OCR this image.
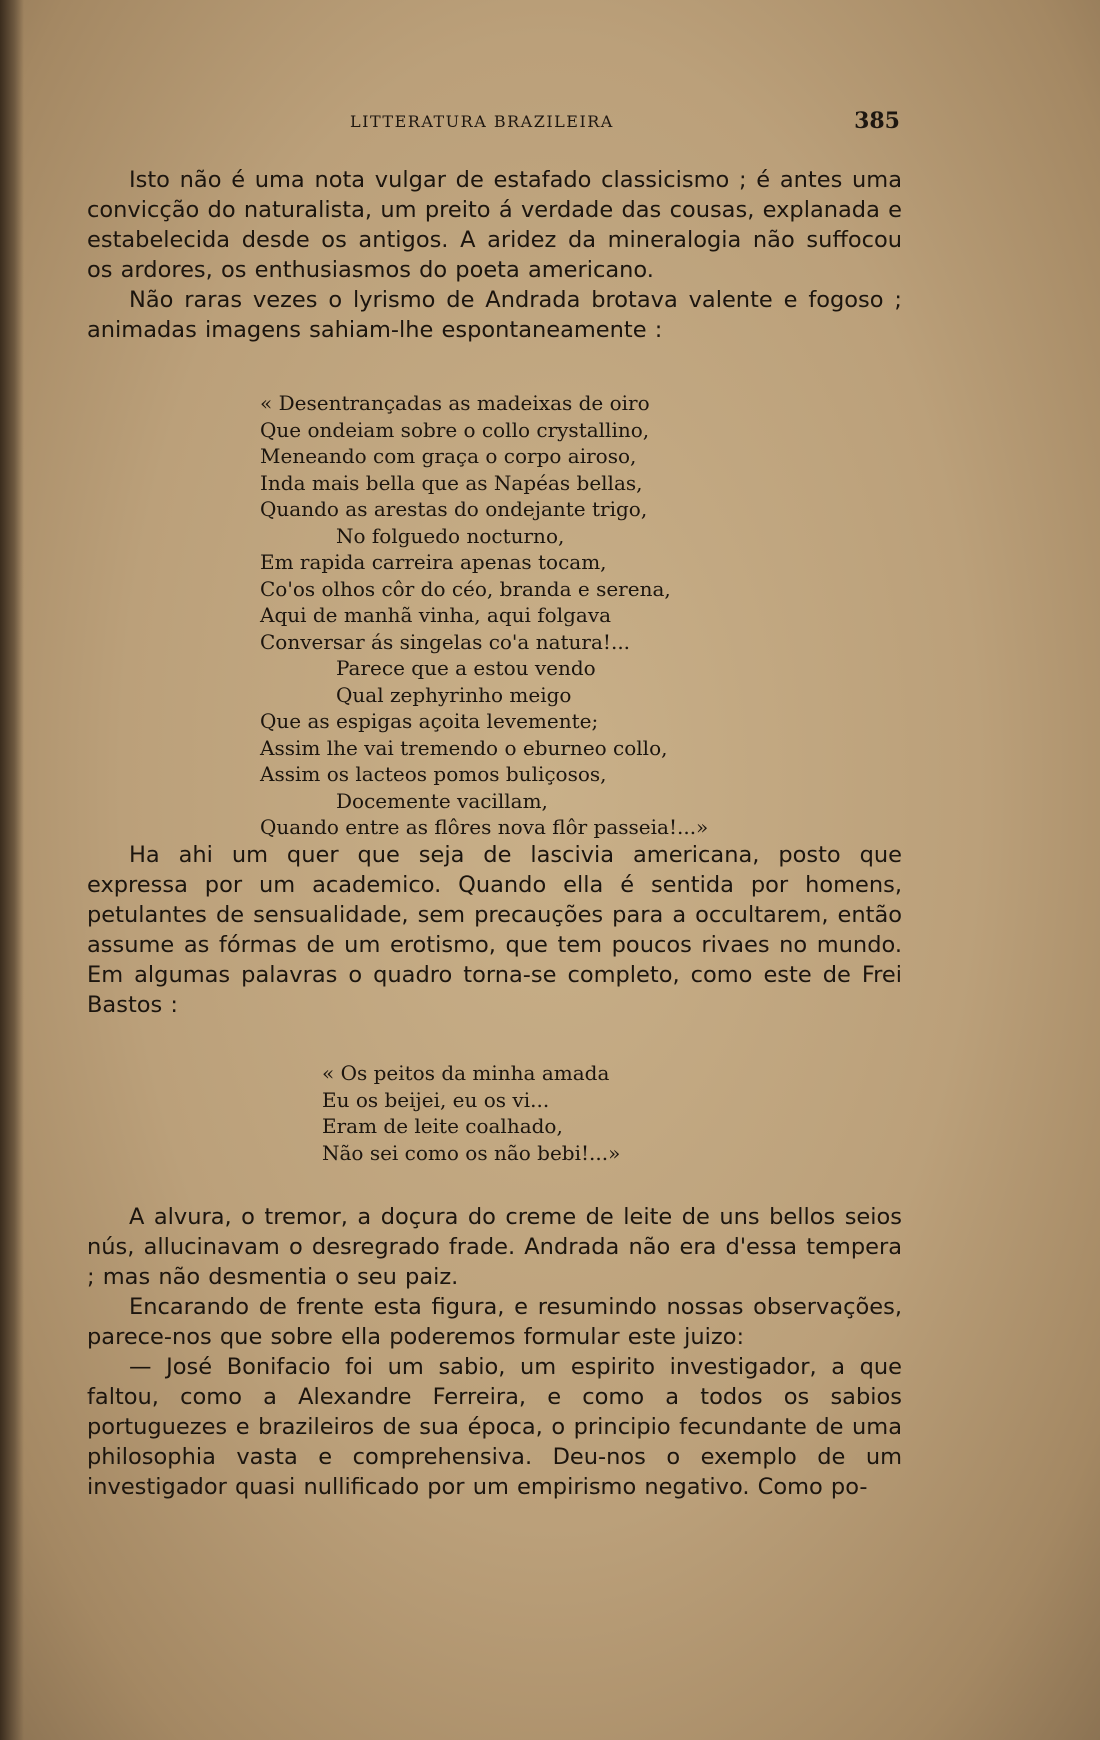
LITTERATURA BRAZILEIRA	385

Isto não é uma nota vulgar de estafado classicismo ; é antes uma convicção do naturalista, um preito á verdade das cousas, explanada e estabelecida desde os antigos. A aridez da mineralogia não suffocou os ardores, os enthusiasmos do poeta americano.

Não raras vezes o lyrismo de Andrada brotava valente e fogoso ; animadas imagens sahiam-lhe espontaneamente :

« Desentrançadas as madeixas de oiro
Que ondeiam sobre o collo crystallino,
Meneando com graça o corpo airoso,
Inda mais bella que as Napéas bellas,
Quando as arestas do ondejante trigo,
No folguedo nocturno,
Em rapida carreira apenas tocam,
Co'os olhos côr do céo, branda e serena,
Aqui de manhã vinha, aqui folgava
Conversar ás singelas co'a natura!...
Parece que a estou vendo
Qual zephyrinho meigo
Que as espigas açoita levemente;
Assim lhe vai tremendo o eburneo collo,
Assim os lacteos pomos buliçosos,
Docemente vacillam,
Quando entre as flôres nova flôr passeia!...»

Ha ahi um quer que seja de lascivia americana, posto que expressa por um academico. Quando ella é sentida por homens, petulantes de sensualidade, sem precauções para a occultarem, então assume as fórmas de um erotismo, que tem poucos rivaes no mundo. Em algumas palavras o quadro torna-se completo, como este de Frei Bastos :

« Os peitos da minha amada
Eu os beijei, eu os vi...
Eram de leite coalhado,
Não sei como os não bebi!...»

A alvura, o tremor, a doçura do creme de leite de uns bellos seios nús, allucinavam o desregrado frade. Andrada não era d'essa tempera ; mas não desmentia o seu paiz.

Encarando de frente esta figura, e resumindo nossas observações, parece-nos que sobre ella poderemos formular este juizo:

— José Bonifacio foi um sabio, um espirito investigador, a que faltou, como a Alexandre Ferreira, e como a todos os sabios portuguezes e brazileiros de sua época, o principio fecundante de uma philosophia vasta e comprehensiva. Deu-nos o exemplo de um investigador quasi nullificado por um empirismo negativo. Como po-
